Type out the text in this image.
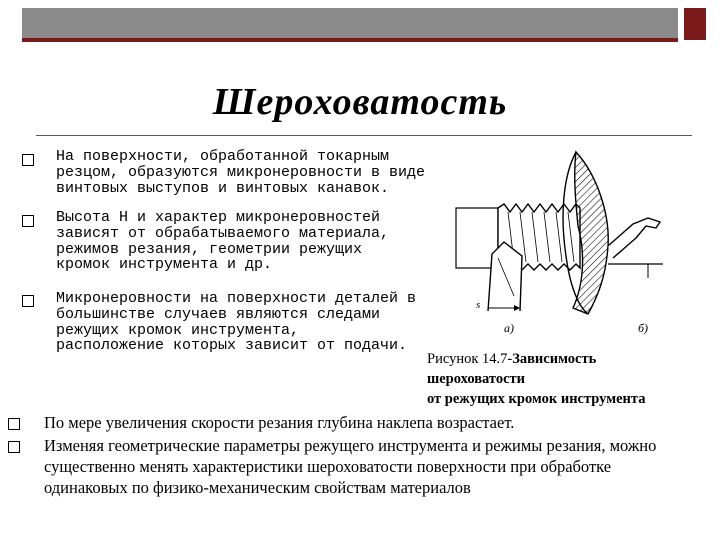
Шероховатость
На поверхности, обработанной токарным
резцом, образуются микронеровности в виде
винтовых выступов и винтовых канавок.
Высота Н и характер микронеровностей
зависят от обрабатываемого материала,
режимов резания, геометрии режущих
кромок инструмента и др.
Микронеровности на поверхности деталей в
большинстве случаев являются следами
режущих кромок инструмента,
расположение которых зависит от подачи.
s
а)	б)
Рисунок 14.7-Зависимость
шероховатости
от режущих кромок инструмента
По мере увеличения скорости резания глубина наклепа возрастает.
Изменяя геометрические параметры режущего инструмента и режимы резания, можно существенно менять характеристики шероховатости поверхности при обработке одинаковых по физико-механическим свойствам материалов
